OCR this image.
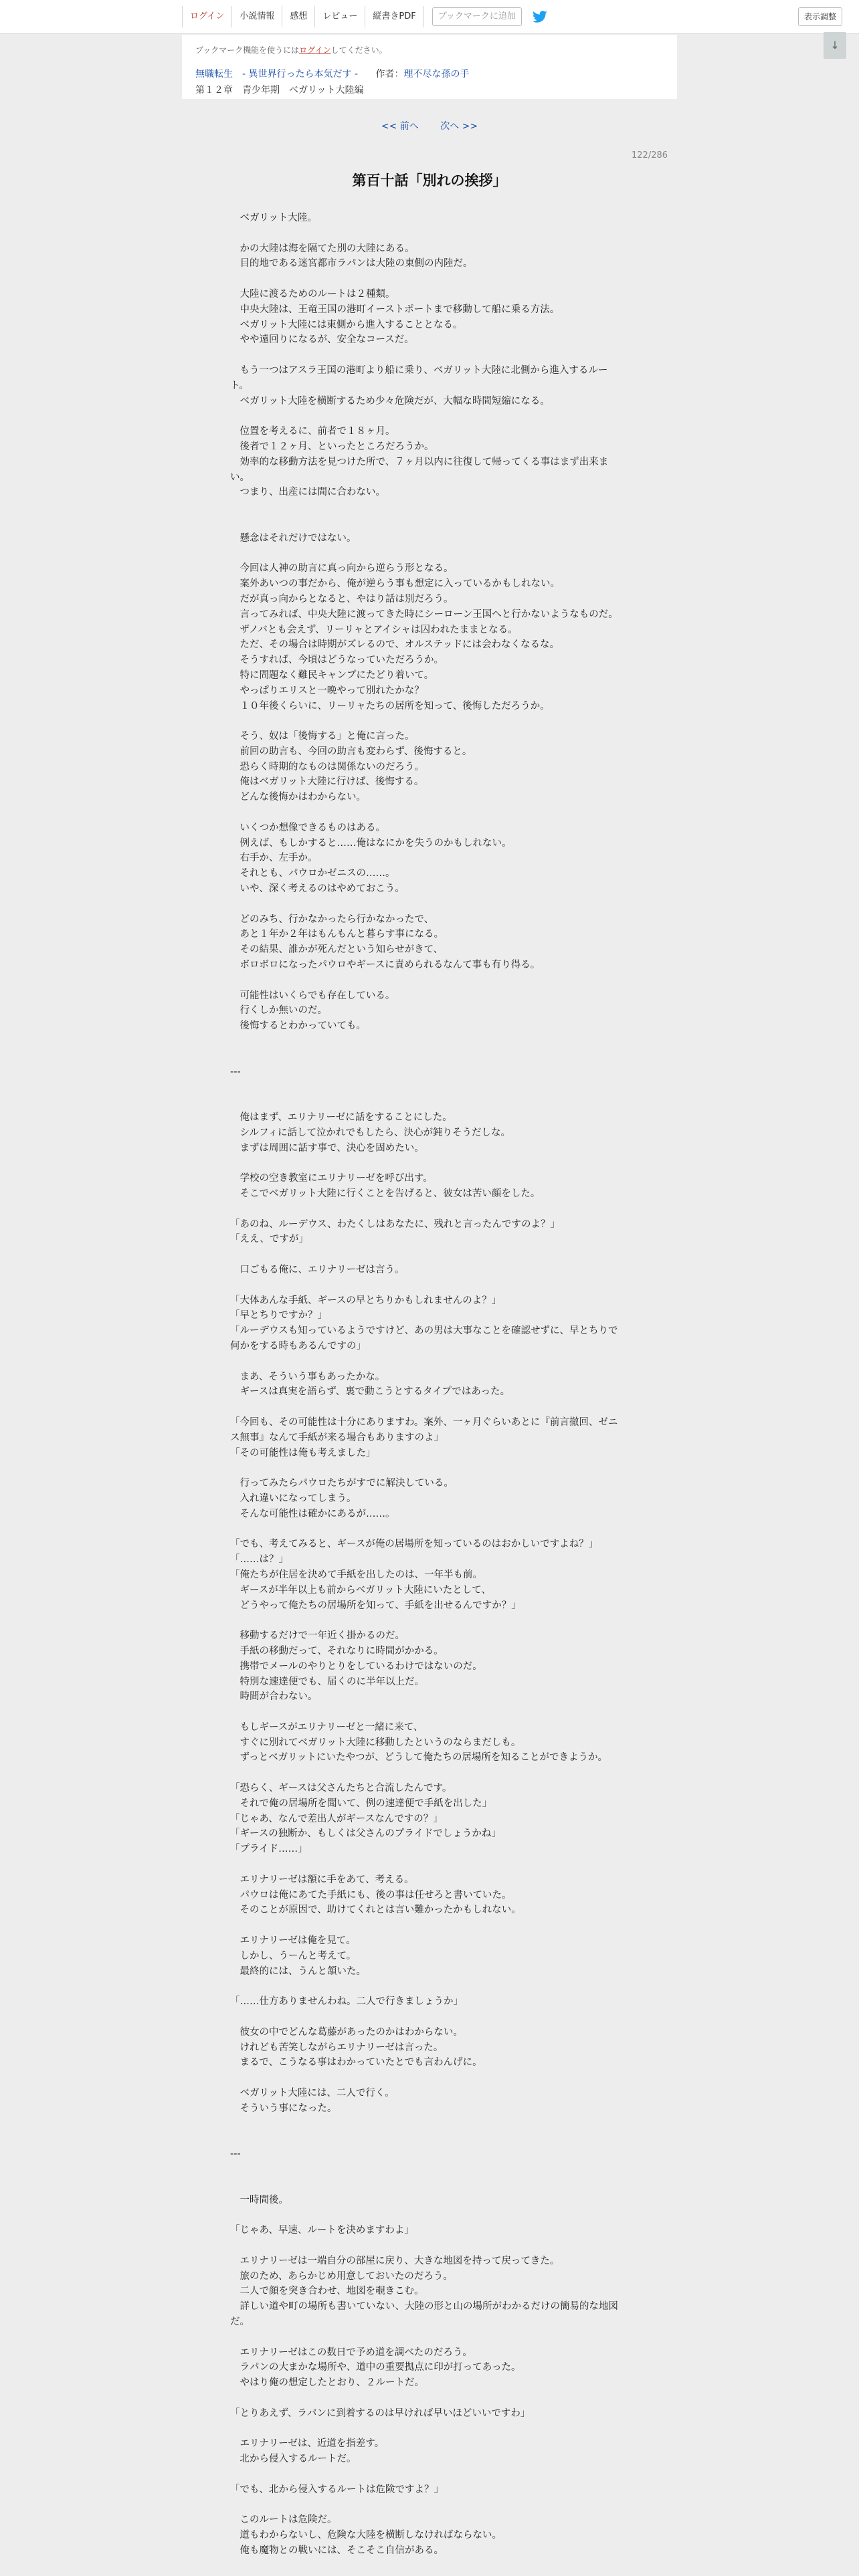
ログイン	小説情報	感想	レビュー	縦書きPDF	ブックマークに追加	表示調整
↓
ブックマーク機能を使うにはログインしてください。
無職転生　- 異世界行ったら本気だす - 作者：理不尽な孫の手
第１２章　青少年期　ベガリット大陸編
<< 前へ 次へ >>
122/286
第百十話「別れの挨拶」

　ベガリット大陸。

　かの大陸は海を隔てた別の大陸にある。

　目的地である迷宮都市ラパンは大陸の東側の内陸だ。

　大陸に渡るためのルートは２種類。

　中央大陸は、王竜王国の港町イーストポートまで移動して船に乗る方法。

　ベガリット大陸には東側から進入することとなる。

　やや遠回りになるが、安全なコースだ。

　もう一つはアスラ王国の港町より船に乗り、ベガリット大陸に北側から進入するルート。

　ベガリット大陸を横断するため少々危険だが、大幅な時間短縮になる。

　位置を考えるに、前者で１８ヶ月。

　後者で１２ヶ月、といったところだろうか。

　効率的な移動方法を見つけた所で、７ヶ月以内に往復して帰ってくる事はまず出来まい。

　つまり、出産には間に合わない。

　懸念はそれだけではない。

　今回は人神の助言に真っ向から逆らう形となる。

　案外あいつの事だから、俺が逆らう事も想定に入っているかもしれない。

　だが真っ向からとなると、やはり話は別だろう。

　言ってみれば、中央大陸に渡ってきた時にシーローン王国へと行かないようなものだ。

　ザノバとも会えず、リーリャとアイシャは囚われたままとなる。

　ただ、その場合は時期がズレるので、オルステッドには会わなくなるな。

　そうすれば、今頃はどうなっていただろうか。

　特に問題なく難民キャンプにたどり着いて。

　やっぱりエリスと一晩やって別れたかな？

　１０年後くらいに、リーリャたちの居所を知って、後悔しただろうか。

　そう、奴は「後悔する」と俺に言った。

　前回の助言も、今回の助言も変わらず、後悔すると。

　恐らく時期的なものは関係ないのだろう。

　俺はベガリット大陸に行けば、後悔する。

　どんな後悔かはわからない。

　いくつか想像できるものはある。

　例えば、もしかすると……俺はなにかを失うのかもしれない。

　右手か、左手か。

　それとも、パウロかゼニスの……。

　いや、深く考えるのはやめておこう。

　どのみち、行かなかったら行かなかったで、

　あと１年か２年はもんもんと暮らす事になる。

　その結果、誰かが死んだという知らせがきて、

　ボロボロになったパウロやギースに責められるなんて事も有り得る。

　可能性はいくらでも存在している。

　行くしか無いのだ。

　後悔するとわかっていても。

---

　俺はまず、エリナリーゼに話をすることにした。

　シルフィに話して泣かれでもしたら、決心が鈍りそうだしな。

　まずは周囲に話す事で、決心を固めたい。

　学校の空き教室にエリナリーゼを呼び出す。

　そこでベガリット大陸に行くことを告げると、彼女は苦い顔をした。

「あのね、ルーデウス、わたくしはあなたに、残れと言ったんですのよ？」

「ええ、ですが」

　口ごもる俺に、エリナリーゼは言う。

「大体あんな手紙、ギースの早とちりかもしれませんのよ？」

「早とちりですか？」

「ルーデウスも知っているようですけど、あの男は大事なことを確認せずに、早とちりで何かをする時もあるんですの」

　まあ、そういう事もあったかな。

　ギースは真実を語らず、裏で動こうとするタイプではあった。

「今回も、その可能性は十分にありますわ。案外、一ヶ月ぐらいあとに『前言撤回、ゼニス無事』なんて手紙が来る場合もありますのよ」

「その可能性は俺も考えました」

　行ってみたらパウロたちがすでに解決している。

　入れ違いになってしまう。

　そんな可能性は確かにあるが……。

「でも、考えてみると、ギースが俺の居場所を知っているのはおかしいですよね？」

「……は？」

「俺たちが住居を決めて手紙を出したのは、一年半も前。

　ギースが半年以上も前からベガリット大陸にいたとして、

　どうやって俺たちの居場所を知って、手紙を出せるんですか？」

　移動するだけで一年近く掛かるのだ。

　手紙の移動だって、それなりに時間がかかる。

　携帯でメールのやりとりをしているわけではないのだ。

　特別な速達便でも、届くのに半年以上だ。

　時間が合わない。

　もしギースがエリナリーゼと一緒に来て、

　すぐに別れてベガリット大陸に移動したというのならまだしも。

　ずっとベガリットにいたやつが、どうして俺たちの居場所を知ることができようか。

「恐らく、ギースは父さんたちと合流したんです。

　それで俺の居場所を聞いて、例の速達便で手紙を出した」

「じゃあ、なんで差出人がギースなんですの？」

「ギースの独断か、もしくは父さんのプライドでしょうかね」

「プライド……」

　エリナリーゼは額に手をあて、考える。

　パウロは俺にあてた手紙にも、後の事は任せろと書いていた。

　そのことが原因で、助けてくれとは言い難かったかもしれない。

　エリナリーゼは俺を見て。

　しかし、うーんと考えて。

　最終的には、うんと頷いた。

「……仕方ありませんわね。二人で行きましょうか」

　彼女の中でどんな葛藤があったのかはわからない。

　けれども苦笑しながらエリナリーゼは言った。

　まるで、こうなる事はわかっていたとでも言わんげに。

　ベガリット大陸には、二人で行く。

　そういう事になった。

---

　一時間後。

「じゃあ、早速、ルートを決めますわよ」

　エリナリーゼは一端自分の部屋に戻り、大きな地図を持って戻ってきた。

　旅のため、あらかじめ用意しておいたのだろう。

　二人で顔を突き合わせ、地図を覗きこむ。

　詳しい道や町の場所も書いていない、大陸の形と山の場所がわかるだけの簡易的な地図だ。

　エリナリーゼはこの数日で予め道を調べたのだろう。

　ラパンの大まかな場所や、道中の重要拠点に印が打ってあった。

　やはり俺の想定したとおり、２ルートだ。

「とりあえず、ラパンに到着するのは早ければ早いほどいいですわ」

　エリナリーゼは、近道を指差す。

　北から侵入するルートだ。

「でも、北から侵入するルートは危険ですよ？」

　このルートは危険だ。

　道もわからないし、危険な大陸を横断しなければならない。

　俺も魔物との戦いには、そこそこ自信がある。
